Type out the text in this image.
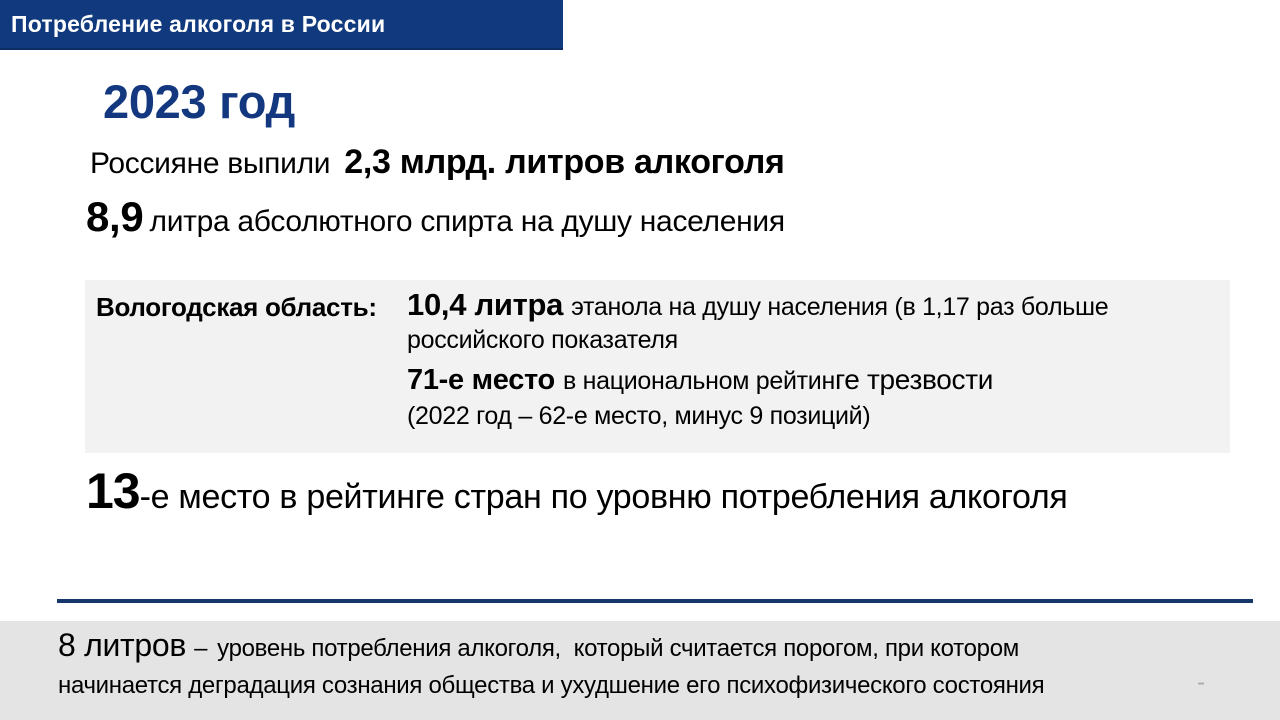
Потребление алкоголя в России
2023 год

Россияне выпили 2,3 млрд. литров алкоголя

8,9 литра абсолютного спирта на душу населения

Вологодская область: 10,4 литра этанола на душу населения (в 1,17 раз больше

российского показателя

71-е место в национальном рейтинге трезвости

(2022 год – 62-е место, минус 9 позиций)

13-е место в рейтинге стран по уровню потребления алкоголя

8 литров – уровень потребления алкоголя,  который считается порогом, при котором

начинается деградация сознания общества и ухудшение его психофизического состояния	-
